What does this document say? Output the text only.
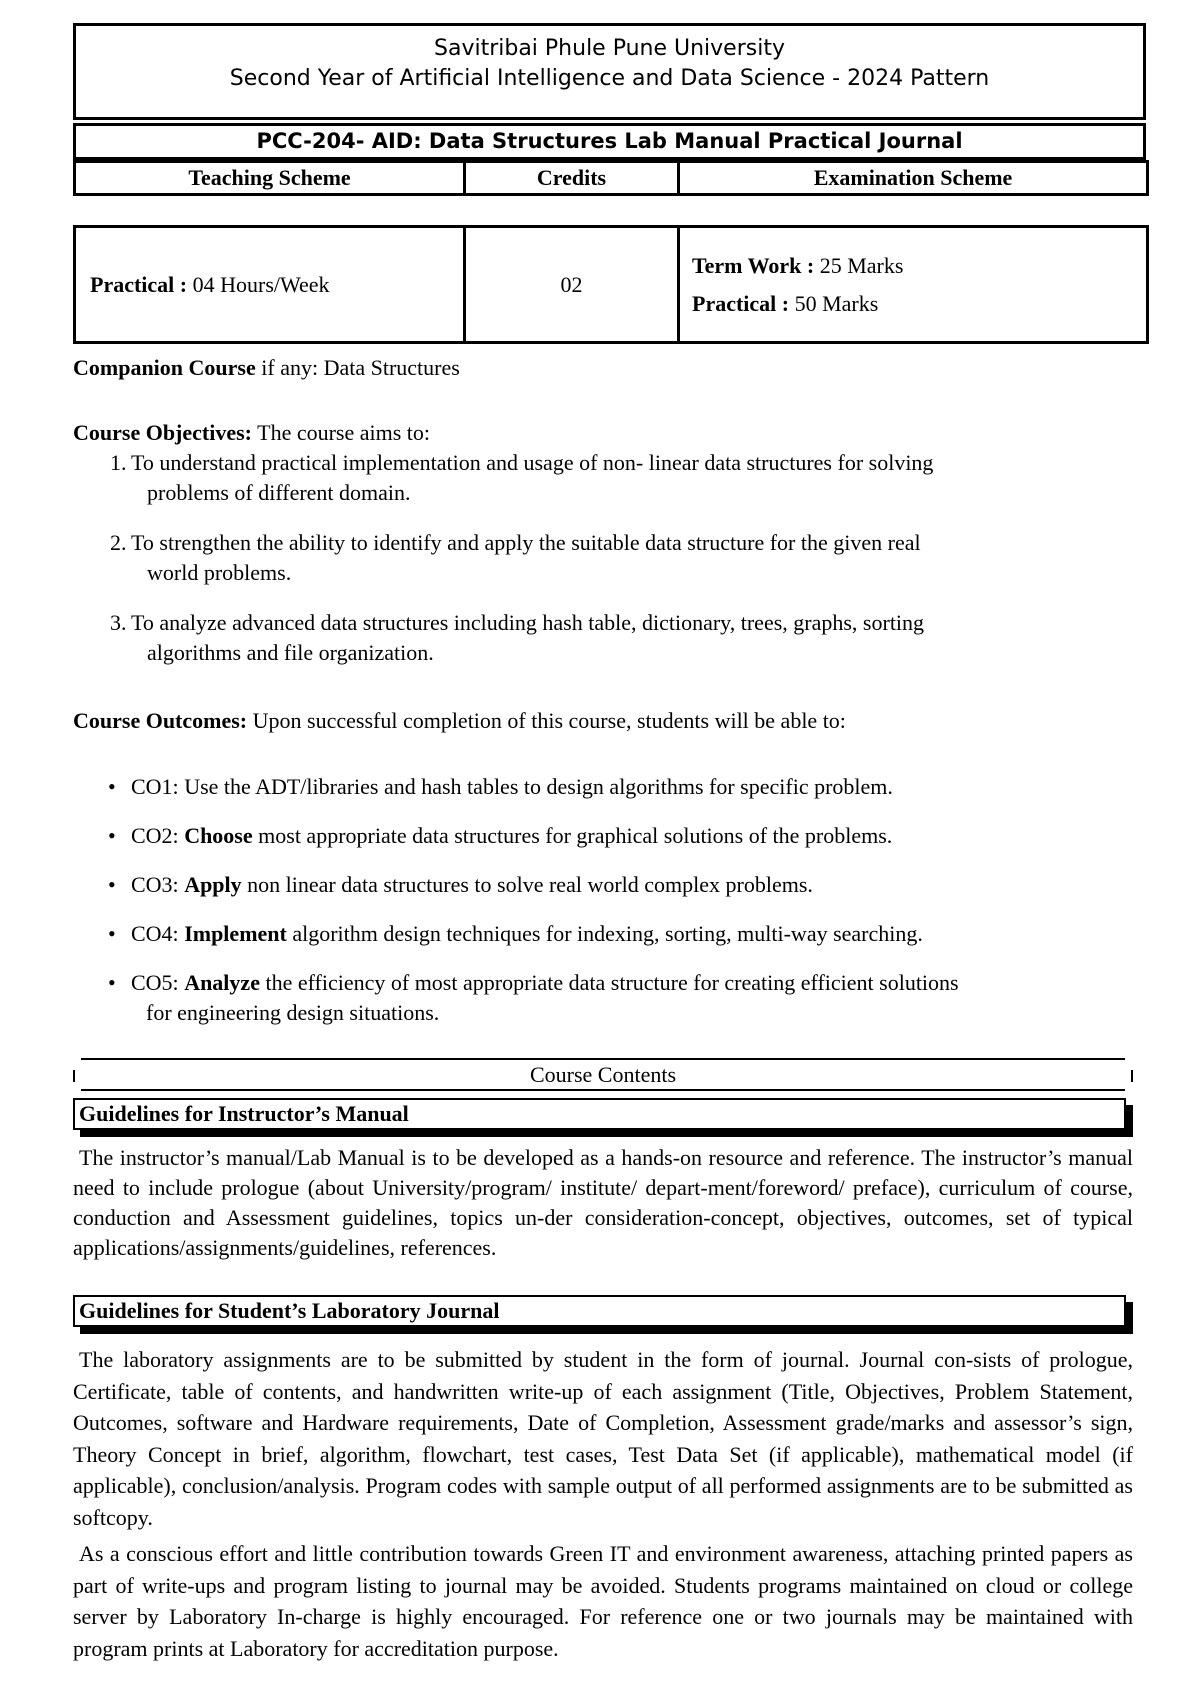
Savitribai Phule Pune University
Second Year of Artificial Intelligence and Data Science - 2024 Pattern
PCC-204- AID: Data Structures Lab Manual Practical Journal
Teaching Scheme	Credits	Examination Scheme
Practical : 04 Hours/Week	02	
Term Work : 25 Marks
Practical : 50 Marks
Companion Course if any: Data Structures
Course Objectives: The course aims to:
1. To understand practical implementation and usage of non- linear data structures for solving
problems of different domain.
2. To strengthen the ability to identify and apply the suitable data structure for the given real
world problems.
3. To analyze advanced data structures including hash table, dictionary, trees, graphs, sorting
algorithms and file organization.
Course Outcomes: Upon successful completion of this course, students will be able to:
• CO1: Use the ADT/libraries and hash tables to design algorithms for specific problem.
• CO2: Choose most appropriate data structures for graphical solutions of the problems.
• CO3: Apply non linear data structures to solve real world complex problems.
• CO4: Implement algorithm design techniques for indexing, sorting, multi-way searching.
• CO5: Analyze the efficiency of most appropriate data structure for creating efficient solutions
for engineering design situations.
Course Contents
Guidelines for Instructor’s Manual
The instructor’s manual/Lab Manual is to be developed as a hands-on resource and reference. The instructor’s manual need to include prologue (about University/program/ institute/ depart-ment/foreword/ preface), curriculum of course, conduction and Assessment guidelines, topics un-der consideration-concept, objectives, outcomes, set of typical applications/assignments/guidelines, references.
Guidelines for Student’s Laboratory Journal
The laboratory assignments are to be submitted by student in the form of journal. Journal con-sists of prologue, Certificate, table of contents, and handwritten write-up of each assignment (Title, Objectives, Problem Statement, Outcomes, software and Hardware requirements, Date of Completion, Assessment grade/marks and assessor’s sign, Theory Concept in brief, algorithm, flowchart, test cases, Test Data Set (if applicable), mathematical model (if applicable), conclusion/analysis. Program codes with sample output of all performed assignments are to be submitted as softcopy.
As a conscious effort and little contribution towards Green IT and environment awareness, attaching printed papers as part of write-ups and program listing to journal may be avoided. Students programs maintained on cloud or college server by Laboratory In-charge is highly encouraged. For reference one or two journals may be maintained with program prints at Laboratory for accreditation purpose.
